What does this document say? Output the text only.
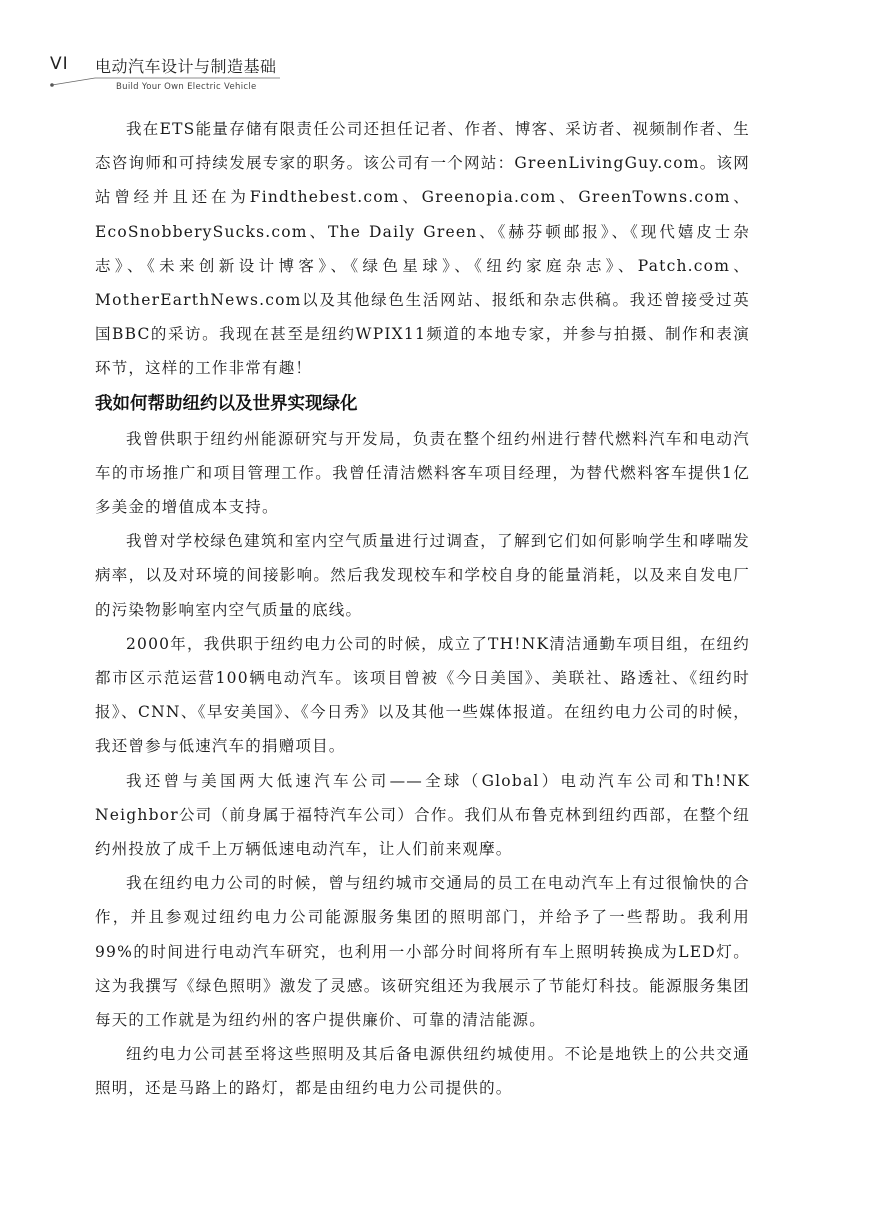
VI 电动汽车设计与制造基础
Build Your Own Electric Vehicle

我在ETS能量存储有限责任公司还担任记者、作者、博客、采访者、视频制作者、生态咨询师和可持续发展专家的职务。该公司有一个网站：GreenLivingGuy.com。该网站曾经并且还在为Findthebest.com、Greenopia.com、GreenTowns.com、EcoSnobberySucks.com、The Daily Green、《赫芬顿邮报》、《现代嬉皮士杂志》、《未来创新设计博客》、《绿色星球》、《纽约家庭杂志》、Patch.com、MotherEarthNews.com以及其他绿色生活网站、报纸和杂志供稿。我还曾接受过英国BBC的采访。我现在甚至是纽约WPIX11频道的本地专家，并参与拍摄、制作和表演环节，这样的工作非常有趣！

我如何帮助纽约以及世界实现绿化

我曾供职于纽约州能源研究与开发局，负责在整个纽约州进行替代燃料汽车和电动汽车的市场推广和项目管理工作。我曾任清洁燃料客车项目经理，为替代燃料客车提供1亿多美金的增值成本支持。

我曾对学校绿色建筑和室内空气质量进行过调查，了解到它们如何影响学生和哮喘发病率，以及对环境的间接影响。然后我发现校车和学校自身的能量消耗，以及来自发电厂的污染物影响室内空气质量的底线。

2000年，我供职于纽约电力公司的时候，成立了TH!NK清洁通勤车项目组，在纽约都市区示范运营100辆电动汽车。该项目曾被《今日美国》、美联社、路透社、《纽约时报》、CNN、《早安美国》、《今日秀》以及其他一些媒体报道。在纽约电力公司的时候，我还曾参与低速汽车的捐赠项目。

我还曾与美国两大低速汽车公司——全球（Global）电动汽车公司和Th!NK Neighbor公司（前身属于福特汽车公司）合作。我们从布鲁克林到纽约西部，在整个纽约州投放了成千上万辆低速电动汽车，让人们前来观摩。

我在纽约电力公司的时候，曾与纽约城市交通局的员工在电动汽车上有过很愉快的合作，并且参观过纽约电力公司能源服务集团的照明部门，并给予了一些帮助。我利用99%的时间进行电动汽车研究，也利用一小部分时间将所有车上照明转换成为LED灯。这为我撰写《绿色照明》激发了灵感。该研究组还为我展示了节能灯科技。能源服务集团每天的工作就是为纽约州的客户提供廉价、可靠的清洁能源。

纽约电力公司甚至将这些照明及其后备电源供纽约城使用。不论是地铁上的公共交通照明，还是马路上的路灯，都是由纽约电力公司提供的。
